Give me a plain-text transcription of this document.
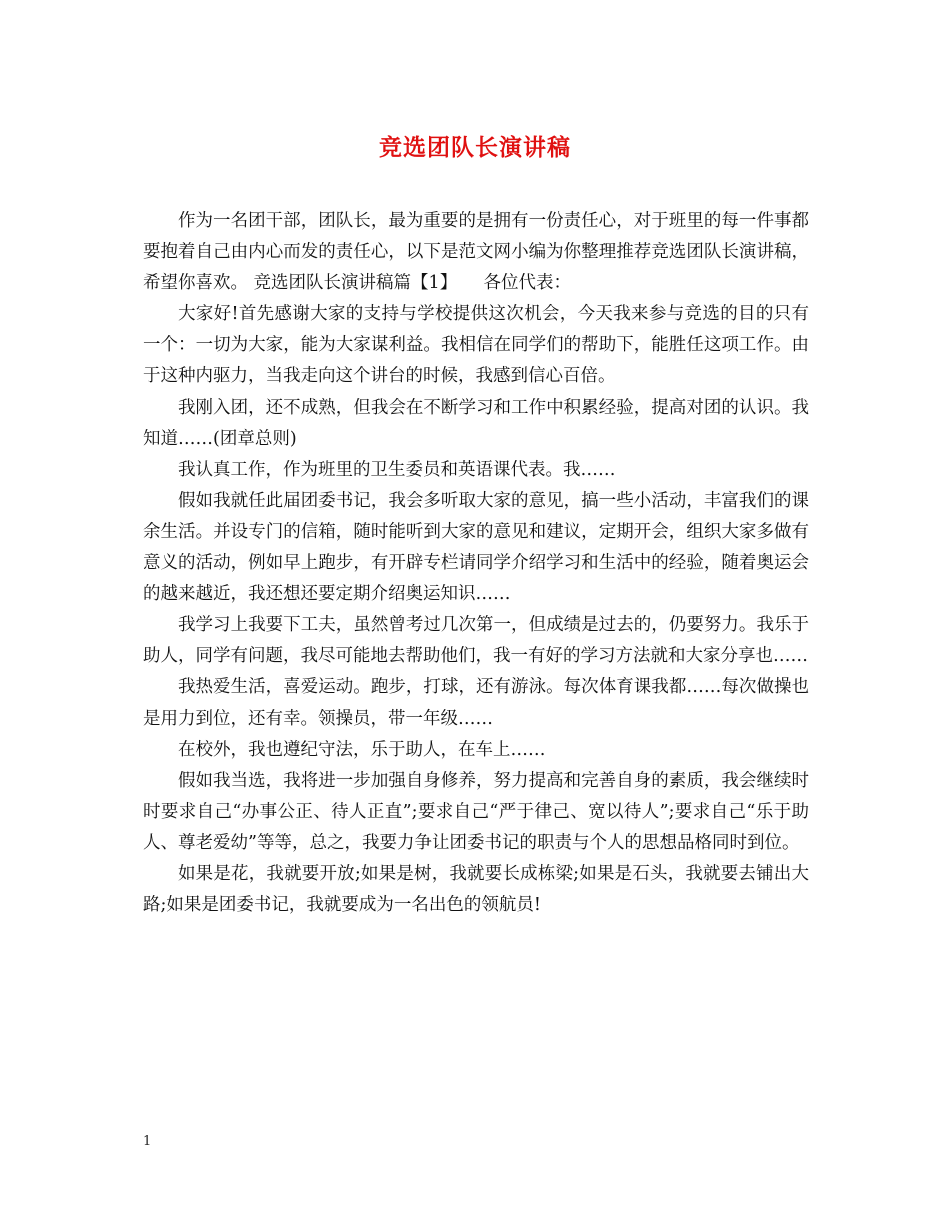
竞选团队长演讲稿

作为一名团干部，团队长，最为重要的是拥有一份责任心，对于班里的每一件事都要抱着自己由内心而发的责任心，以下是范文网小编为你整理推荐竞选团队长演讲稿，希望你喜欢。 竞选团队长演讲稿篇【1】　　各位代表：

大家好!首先感谢大家的支持与学校提供这次机会，今天我来参与竞选的目的只有一个：一切为大家，能为大家谋利益。我相信在同学们的帮助下，能胜任这项工作。由于这种内驱力，当我走向这个讲台的时候，我感到信心百倍。

我刚入团，还不成熟，但我会在不断学习和工作中积累经验，提高对团的认识。我知道……(团章总则)

我认真工作，作为班里的卫生委员和英语课代表。我……

假如我就任此届团委书记，我会多听取大家的意见，搞一些小活动，丰富我们的课余生活。并设专门的信箱，随时能听到大家的意见和建议，定期开会，组织大家多做有意义的活动，例如早上跑步，有开辟专栏请同学介绍学习和生活中的经验，随着奥运会的越来越近，我还想还要定期介绍奥运知识……

我学习上我要下工夫，虽然曾考过几次第一，但成绩是过去的，仍要努力。我乐于助人，同学有问题，我尽可能地去帮助他们，我一有好的学习方法就和大家分享也……

我热爱生活，喜爱运动。跑步，打球，还有游泳。每次体育课我都……每次做操也是用力到位，还有幸。领操员，带一年级……

在校外，我也遵纪守法，乐于助人，在车上……

假如我当选，我将进一步加强自身修养，努力提高和完善自身的素质，我会继续时时要求自己“办事公正、待人正直”;要求自己“严于律己、宽以待人”;要求自己“乐于助人、尊老爱幼”等等，总之，我要力争让团委书记的职责与个人的思想品格同时到位。

如果是花，我就要开放;如果是树，我就要长成栋梁;如果是石头，我就要去铺出大路;如果是团委书记，我就要成为一名出色的领航员!

1
